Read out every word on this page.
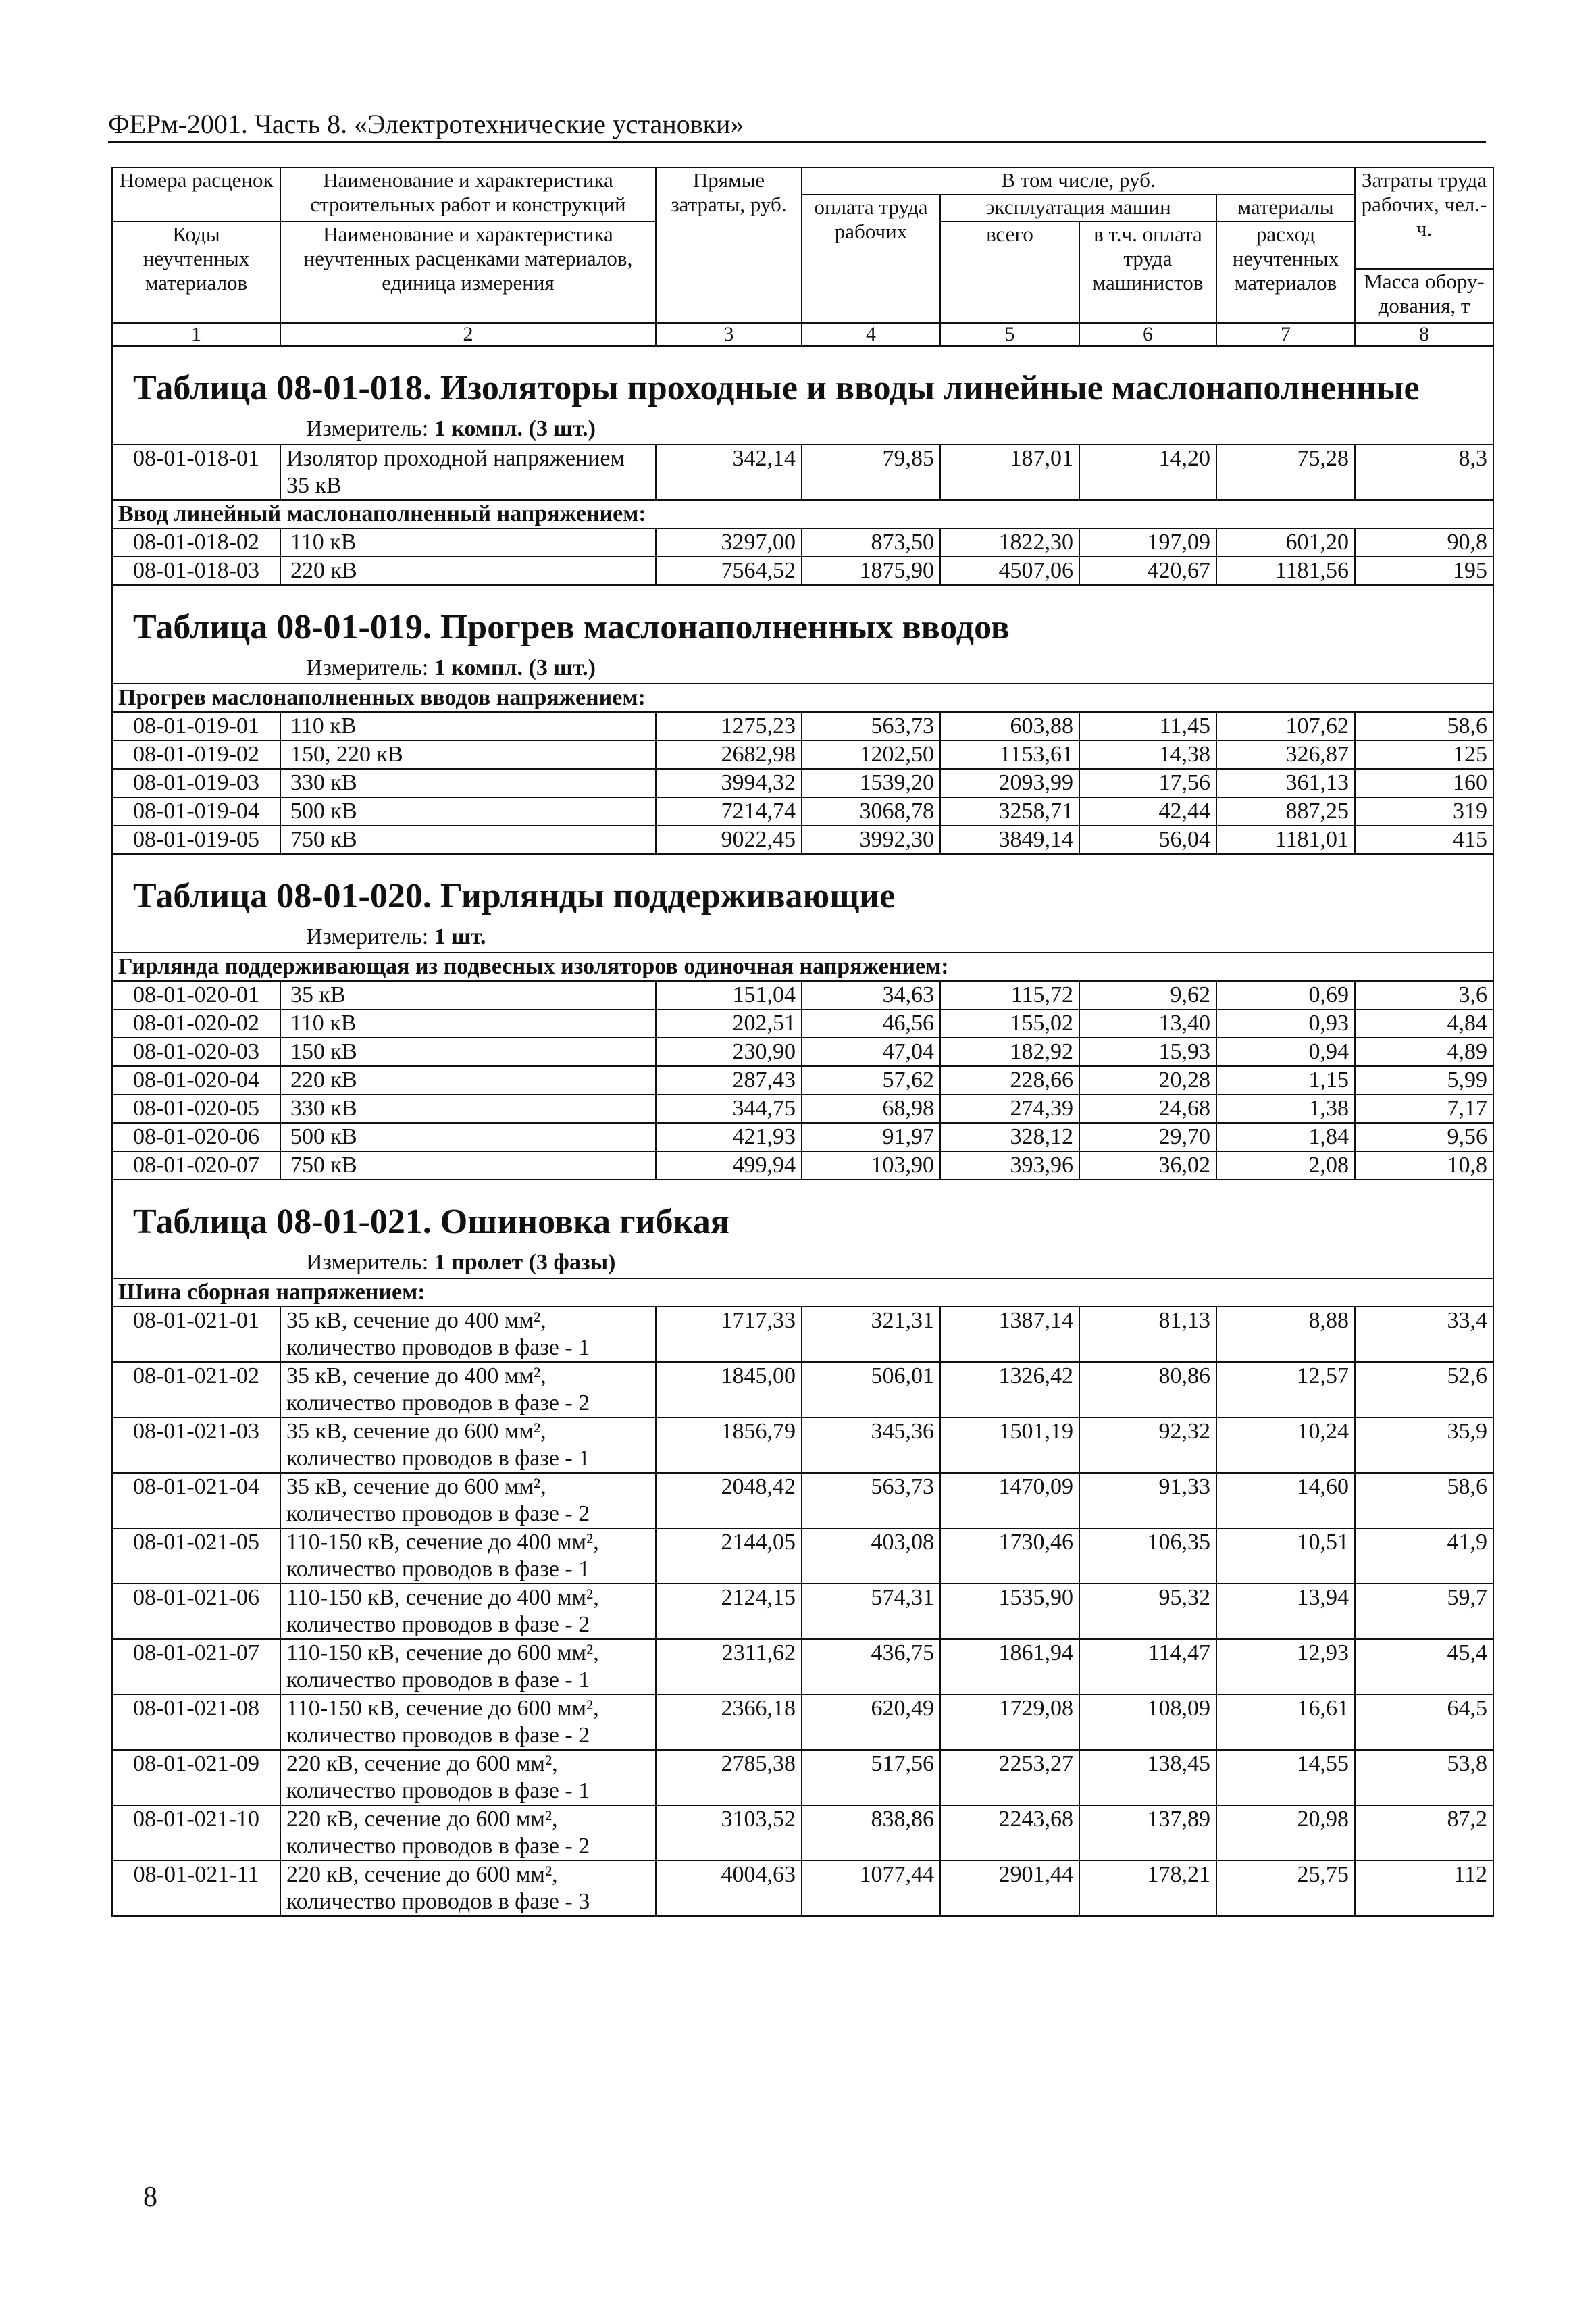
ФЕРм-2001. Часть 8. «Электротехнические установки»
Номера расценок	Наименование и характеристика строительных работ и конструкций	Прямые затраты, руб.	В том числе, руб.				Затраты труда рабочих, чел.-ч.
			оплата труда рабочих	эксплуатация машин		материалы	
Коды неучтенных материалов	Наименование и характеристика неучтенных расценками материалов, единица измерения			всего	в т.ч. оплата труда машинистов	расход неучтенных материалов	
							Масса обору-дования, т

1	2	3	4	5	6	7	8

Таблица 08-01-018. Изоляторы проходные и вводы линейные маслонаполненные
Измеритель: 1 компл. (3 шт.)							

08-01-018-01	Изолятор проходной напряжением 35 кВ	342,14	79,85	187,01	14,20	75,28	8,3
Ввод линейный маслонаполненный напряжением:							
08-01-018-02	110 кВ	3297,00	873,50	1822,30	197,09	601,20	90,8
08-01-018-03	220 кВ	7564,52	1875,90	4507,06	420,67	1181,56	195

Таблица 08-01-019. Прогрев маслонаполненных вводов
Измеритель: 1 компл. (3 шт.)							

Прогрев маслонаполненных вводов напряжением:							
08-01-019-01	110 кВ	1275,23	563,73	603,88	11,45	107,62	58,6
08-01-019-02	150, 220 кВ	2682,98	1202,50	1153,61	14,38	326,87	125
08-01-019-03	330 кВ	3994,32	1539,20	2093,99	17,56	361,13	160
08-01-019-04	500 кВ	7214,74	3068,78	3258,71	42,44	887,25	319
08-01-019-05	750 кВ	9022,45	3992,30	3849,14	56,04	1181,01	415

Таблица 08-01-020. Гирлянды поддерживающие
Измеритель: 1 шт.							

Гирлянда поддерживающая из подвесных изоляторов одиночная напряжением:							
08-01-020-01	35 кВ	151,04	34,63	115,72	9,62	0,69	3,6
08-01-020-02	110 кВ	202,51	46,56	155,02	13,40	0,93	4,84
08-01-020-03	150 кВ	230,90	47,04	182,92	15,93	0,94	4,89
08-01-020-04	220 кВ	287,43	57,62	228,66	20,28	1,15	5,99
08-01-020-05	330 кВ	344,75	68,98	274,39	24,68	1,38	7,17
08-01-020-06	500 кВ	421,93	91,97	328,12	29,70	1,84	9,56
08-01-020-07	750 кВ	499,94	103,90	393,96	36,02	2,08	10,8

Таблица 08-01-021. Ошиновка гибкая
Измеритель: 1 пролет (3 фазы)							

Шина сборная напряжением:							
08-01-021-01	35 кВ, сечение до 400 мм², количество проводов в фазе - 1	1717,33	321,31	1387,14	81,13	8,88	33,4
08-01-021-02	35 кВ, сечение до 400 мм², количество проводов в фазе - 2	1845,00	506,01	1326,42	80,86	12,57	52,6
08-01-021-03	35 кВ, сечение до 600 мм², количество проводов в фазе - 1	1856,79	345,36	1501,19	92,32	10,24	35,9
08-01-021-04	35 кВ, сечение до 600 мм², количество проводов в фазе - 2	2048,42	563,73	1470,09	91,33	14,60	58,6
08-01-021-05	110-150 кВ, сечение до 400 мм², количество проводов в фазе - 1	2144,05	403,08	1730,46	106,35	10,51	41,9
08-01-021-06	110-150 кВ, сечение до 400 мм², количество проводов в фазе - 2	2124,15	574,31	1535,90	95,32	13,94	59,7
08-01-021-07	110-150 кВ, сечение до 600 мм², количество проводов в фазе - 1	2311,62	436,75	1861,94	114,47	12,93	45,4
08-01-021-08	110-150 кВ, сечение до 600 мм², количество проводов в фазе - 2	2366,18	620,49	1729,08	108,09	16,61	64,5
08-01-021-09	220 кВ, сечение до 600 мм², количество проводов в фазе - 1	2785,38	517,56	2253,27	138,45	14,55	53,8
08-01-021-10	220 кВ, сечение до 600 мм², количество проводов в фазе - 2	3103,52	838,86	2243,68	137,89	20,98	87,2
08-01-021-11	220 кВ, сечение до 600 мм², количество проводов в фазе - 3	4004,63	1077,44	2901,44	178,21	25,75	112
8
